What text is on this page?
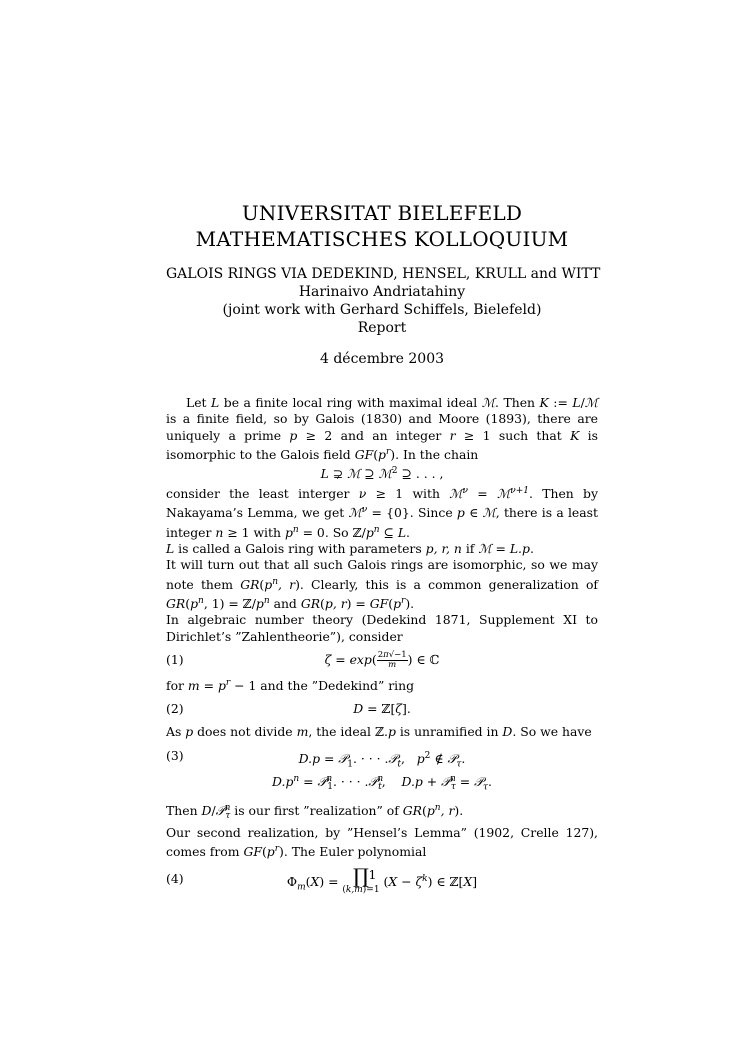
UNIVERSITAT BIELEFELD
MATHEMATISCHES KOLLOQUIUM
GALOIS RINGS VIA DEDEKIND, HENSEL, KRULL and WITT
Harinaivo Andriatahiny
(joint work with Gerhard Schiffels, Bielefeld)
Report
4 décembre 2003

Let L be a finite local ring with maximal ideal ℳ. Then K := L/ℳ is a finite field, so by Galois (1830) and Moore (1893), there are uniquely a prime p ≥ 2 and an integer r ≥ 1 such that K is isomorphic to the Galois field $GF(p^r)$. In the chain

L ⊋ ℳ ⊇ ℳ$^2$ ⊇ . . . ,

consider the least interger ν ≥ 1 with ℳ$^\nu$ = ℳ$^{\nu+1}$. Then by Nakayama’s Lemma, we get ℳ$^\nu$ = {0}. Since p ∈ ℳ, there is a least integer n ≥ 1 with $p^n = 0$. So $ℤ/p^n$ ⊆ L.

L is called a Galois ring with parameters p, r, n if ℳ = L.p.

It will turn out that all such Galois rings are isomorphic, so we may note them $GR(p^n$, r). Clearly, this is a common generalization of $GR(p^n$, $1) = ℤ/p^n$ and GR(p, $r) = GF(p^r)$.

In algebraic number theory (Dedekind 1871, Supplement XI to Dirichlet’s ”Zahlentheorie”), consider

(1)	$\zeta = \exp( \frac{2\pi√-1}{m}$ ) ∈ ℂ

for $m = p^r - 1$ and the ”Dedekind” ring

(2)	D = ℤ[ζ].

As p does not divide m, the ideal ℤ.p is unramified in D. So we have

(3)	D.p = 𝒫$_1$. · · · .𝒫$_t$,   $p^2$ ∉ 𝒫$_\tau$.
$D.p^n$ = 𝒫$^n_1$. · · · .𝒫$^n_t$,    D.p + 𝒫$^n_\tau$ = 𝒫$_\tau$.

Then D/𝒫$^n_\tau$ is our first ”realization” of $GR(p^n$, r).

Our second realization, by ”Hensel’s Lemma” (1902, Crelle 127), comes from $GF(p^r)$. The Euler polynomial

(4)	$\Phi_m(X)$ = ∏
(k,m)=1
$(X - \zeta^k)$ ∈ ℤ[X]
1
